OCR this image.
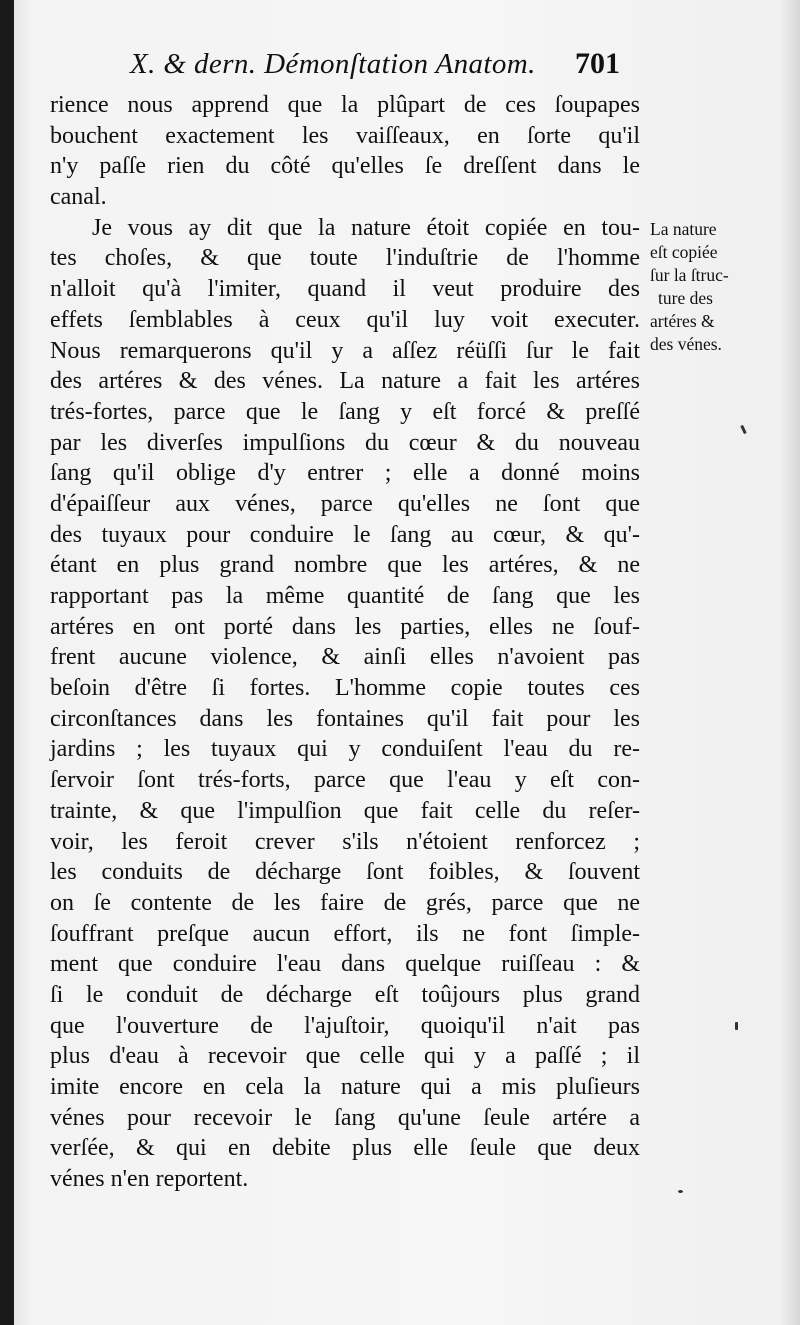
X. & dern. Démonſtation Anatom.	701
rience nous apprend que la plûpart de ces ſoupapes
bouchent exactement les vaiſſeaux, en ſorte qu'il
n'y paſſe rien du côté qu'elles ſe dreſſent dans le
canal.
Je vous ay dit que la nature étoit copiée en tou-
tes choſes, & que toute l'induſtrie de l'homme
n'alloit qu'à l'imiter, quand il veut produire des
effets ſemblables à ceux qu'il luy voit executer.
Nous remarquerons qu'il y a aſſez réüſſi ſur le fait
des artéres & des vénes. La nature a fait les artéres
trés-fortes, parce que le ſang y eſt forcé & preſſé
par les diverſes impulſions du cœur & du nouveau
ſang qu'il oblige d'y entrer ; elle a donné moins
d'épaiſſeur aux vénes, parce qu'elles ne ſont que
des tuyaux pour conduire le ſang au cœur, & qu'-
étant en plus grand nombre que les artéres, & ne
rapportant pas la même quantité de ſang que les
artéres en ont porté dans les parties, elles ne ſouf-
frent aucune violence, & ainſi elles n'avoient pas
beſoin d'être ſi fortes. L'homme copie toutes ces
circonſtances dans les fontaines qu'il fait pour les
jardins ; les tuyaux qui y conduiſent l'eau du re-
ſervoir ſont trés-forts, parce que l'eau y eſt con-
trainte, & que l'impulſion que fait celle du reſer-
voir, les feroit crever s'ils n'étoient renforcez ;
les conduits de décharge ſont foibles, & ſouvent
on ſe contente de les faire de grés, parce que ne
ſouffrant preſque aucun effort, ils ne font ſimple-
ment que conduire l'eau dans quelque ruiſſeau : &
ſi le conduit de décharge eſt toûjours plus grand
que l'ouverture de l'ajuſtoir, quoiqu'il n'ait pas
plus d'eau à recevoir que celle qui y a paſſé ; il
imite encore en cela la nature qui a mis pluſieurs
vénes pour recevoir le ſang qu'une ſeule artére a
verſée, & qui en debite plus elle ſeule que deux
vénes n'en reportent.
La nature
eſt copiée
ſur la ſtruc-
ture des
artéres &
des vénes.
